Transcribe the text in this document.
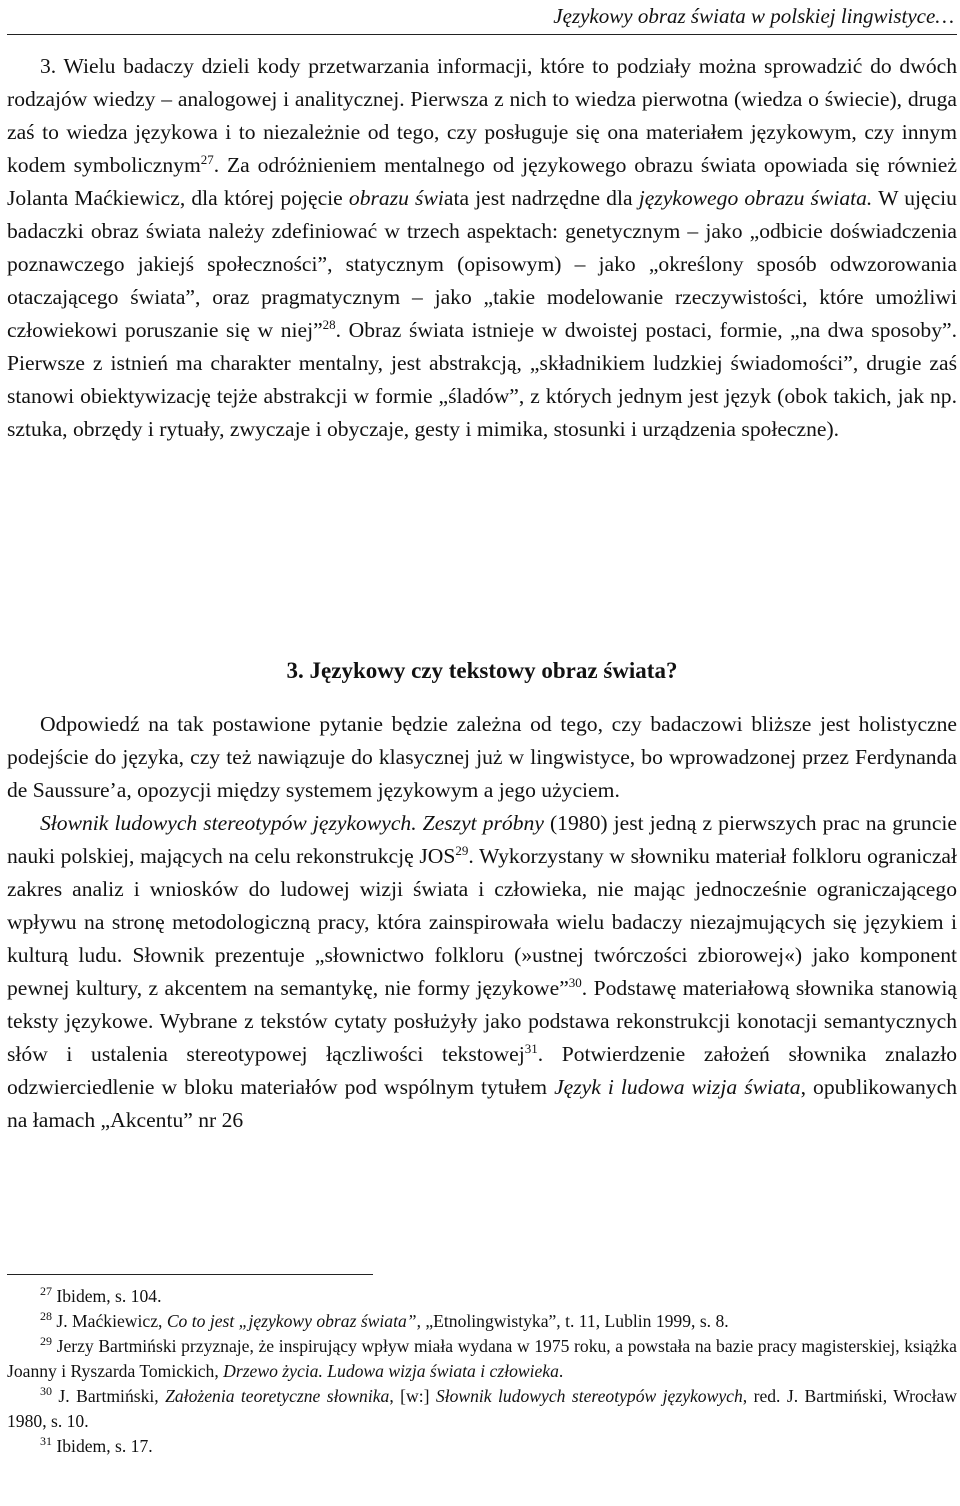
Językowy obraz świata w polskiej lingwistyce…

3. Wielu badaczy dzieli kody przetwarzania informacji, które to podziały można sprowadzić do dwóch rodzajów wiedzy ‒ analogowej i analitycznej. Pierwsza z nich to wiedza pierwotna (wiedza o świecie), druga zaś to wiedza językowa i to niezależnie od tego, czy posługuje się ona materiałem językowym, czy innym kodem symbolicznym$^{27}$. Za odróżnieniem mentalnego od językowego obrazu świata opowiada się również Jolanta Maćkiewicz, dla której pojęcie obrazu świata jest nadrzędne dla językowego obrazu świata. W ujęciu badaczki obraz świata należy zdefiniować w trzech aspektach: genetycznym ‒ jako „odbicie doświadczenia poznawczego jakiejś społeczności”, statycznym (opisowym) ‒ jako „określony sposób odwzorowania otaczającego świata”, oraz pragmatycznym ‒ jako „takie modelowanie rzeczywistości, które umożliwi człowiekowi poruszanie się w niej”$^{28}$. Obraz świata istnieje w dwoistej postaci, formie, „na dwa sposoby”. Pierwsze z istnień ma charakter mentalny, jest abstrakcją, „składnikiem ludzkiej świadomości”, drugie zaś stanowi obiektywizację tejże abstrakcji w formie „śladów”, z których jednym jest język (obok takich, jak np. sztuka, obrzędy i rytuały, zwyczaje i obyczaje, gesty i mimika, stosunki i urządzenia społeczne).

3. Językowy czy tekstowy obraz świata?

Odpowiedź na tak postawione pytanie będzie zależna od tego, czy badaczowi bliższe jest holistyczne podejście do języka, czy też nawiązuje do klasycznej już w lingwistyce, bo wprowadzonej przez Ferdynanda de Saussure’a, opozycji między systemem językowym a jego użyciem.

Słownik ludowych stereotypów językowych. Zeszyt próbny (1980) jest jedną z pierwszych prac na gruncie nauki polskiej, mających na celu rekonstrukcję JOS$^{29}$. Wykorzystany w słowniku materiał folkloru ograniczał zakres analiz i wniosków do ludowej wizji świata i człowieka, nie mając jednocześnie ograniczającego wpływu na stronę metodologiczną pracy, która zainspirowała wielu badaczy niezajmujących się językiem i kulturą ludu. Słownik prezentuje „słownictwo folkloru (»ustnej twórczości zbiorowej«) jako komponent pewnej kultury, z akcentem na semantykę, nie formy językowe”$^{30}$. Podstawę materiałową słownika stanowią teksty językowe. Wybrane z tekstów cytaty posłużyły jako podstawa rekonstrukcji konotacji semantycznych słów i ustalenia stereotypowej łączliwości tekstowej$^{31}$. Potwierdzenie założeń słownika znalazło odzwierciedlenie w bloku materiałów pod wspólnym tytułem Język i ludowa wizja świata, opublikowanych na łamach „Akcentu” nr 26

$^{27}$ Ibidem, s. 104.

$^{28}$ J. Maćkiewicz, Co to jest „językowy obraz świata”, „Etnolingwistyka”, t. 11, Lublin 1999, s. 8.

$^{29}$ Jerzy Bartmiński przyznaje, że inspirujący wpływ miała wydana w 1975 roku, a powstała na bazie pracy magisterskiej, książka Joanny i Ryszarda Tomickich, Drzewo życia. Ludowa wizja świata i człowieka.

$^{30}$ J. Bartmiński, Założenia teoretyczne słownika, [w:] Słownik ludowych stereotypów językowych, red. J. Bartmiński, Wrocław 1980, s. 10.

$^{31}$ Ibidem, s. 17.
